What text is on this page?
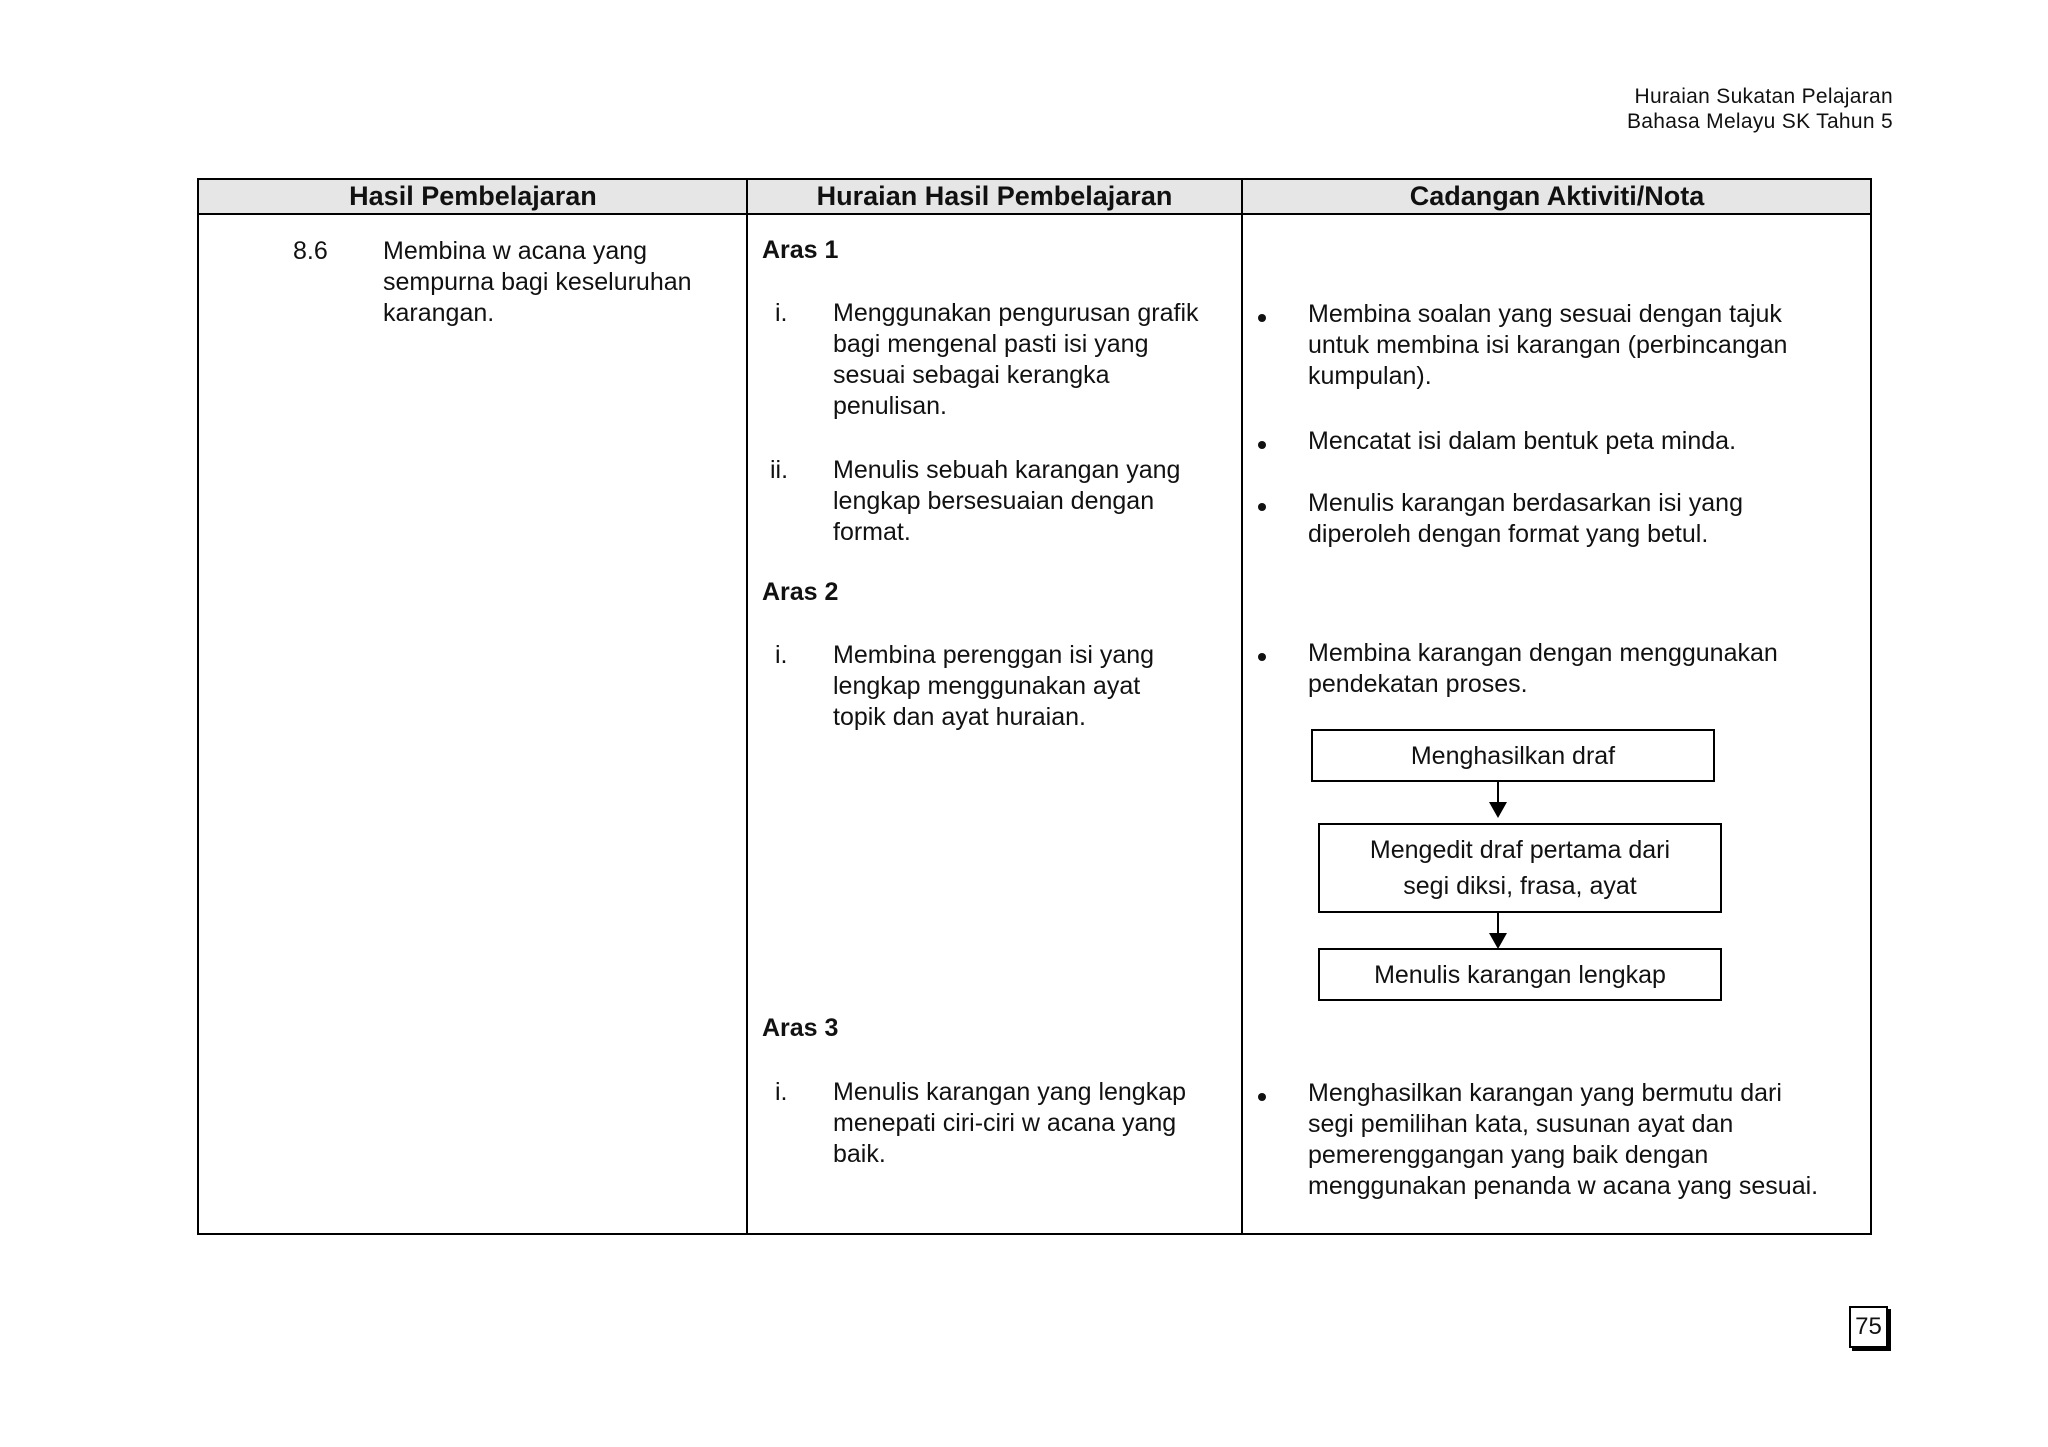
Huraian Sukatan Pelajaran
Bahasa Melayu SK Tahun 5
Hasil Pembelajaran	Huraian Hasil Pembelajaran	Cadangan Aktiviti/Nota
8.6 Membina w acana yang
sempurna bagi keseluruhan
karangan.
Aras 1
i. Menggunakan pengurusan grafik
bagi mengenal pasti isi yang
sesuai sebagai kerangka
penulisan.
ii. Menulis sebuah karangan yang
lengkap bersesuaian dengan
format.
Aras 2
i. Membina perenggan isi yang
lengkap menggunakan ayat
topik dan ayat huraian.
Aras 3
i. Menulis karangan yang lengkap
menepati ciri-ciri w acana yang
baik.
Membina soalan yang sesuai dengan tajuk
untuk membina isi karangan (perbincangan
kumpulan).
Mencatat isi dalam bentuk peta minda.
Menulis karangan berdasarkan isi yang
diperoleh dengan format yang betul.
Membina karangan dengan menggunakan
pendekatan proses.
Menghasilkan draf
Mengedit draf pertama dari
segi diksi, frasa, ayat
Menulis karangan lengkap
Menghasilkan karangan yang bermutu dari
segi pemilihan kata, susunan ayat dan
pemerenggangan yang baik dengan
menggunakan penanda w acana yang sesuai.
75
